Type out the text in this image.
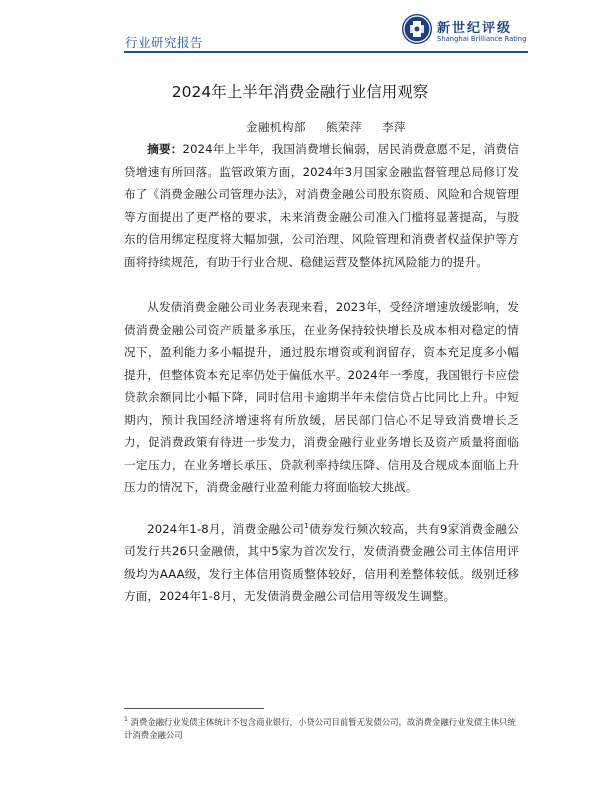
行业研究报告
新世纪评级
Shanghai Brilliance Rating
2024年上半年消费金融行业信用观察
金融机构部 熊荣萍 李萍

摘要：2024年上半年，我国消费增长偏弱，居民消费意愿不足，消费信贷增速有所回落。监管政策方面，2024年3月国家金融监督管理总局修订发布了《消费金融公司管理办法》，对消费金融公司股东资质、风险和合规管理等方面提出了更严格的要求，未来消费金融公司准入门槛将显著提高，与股东的信用绑定程度将大幅加强，公司治理、风险管理和消费者权益保护等方面将持续规范，有助于行业合规、稳健运营及整体抗风险能力的提升。

从发债消费金融公司业务表现来看，2023年，受经济增速放缓影响，发债消费金融公司资产质量多承压，在业务保持较快增长及成本相对稳定的情况下，盈利能力多小幅提升，通过股东增资或利润留存，资本充足度多小幅提升，但整体资本充足率仍处于偏低水平。2024年一季度，我国银行卡应偿贷款余额同比小幅下降，同时信用卡逾期半年未偿信贷占比同比上升。中短期内，预计我国经济增速将有所放缓，居民部门信心不足导致消费增长乏力，促消费政策有待进一步发力，消费金融行业业务增长及资产质量将面临一定压力，在业务增长承压、贷款利率持续压降、信用及合规成本面临上升压力的情况下，消费金融行业盈利能力将面临较大挑战。

2024年1-8月，消费金融公司$^1$债券发行频次较高，共有9家消费金融公司发行共26只金融债，其中5家为首次发行，发债消费金融公司主体信用评级均为AAA级，发行主体信用资质整体较好，信用利差整体较低。级别迁移方面，2024年1-8月，无发债消费金融公司信用等级发生调整。

$^1$ 消费金融行业发债主体统计不包含商业银行，小贷公司目前暂无发债公司，故消费金融行业发债主体只统计消费金融公司
